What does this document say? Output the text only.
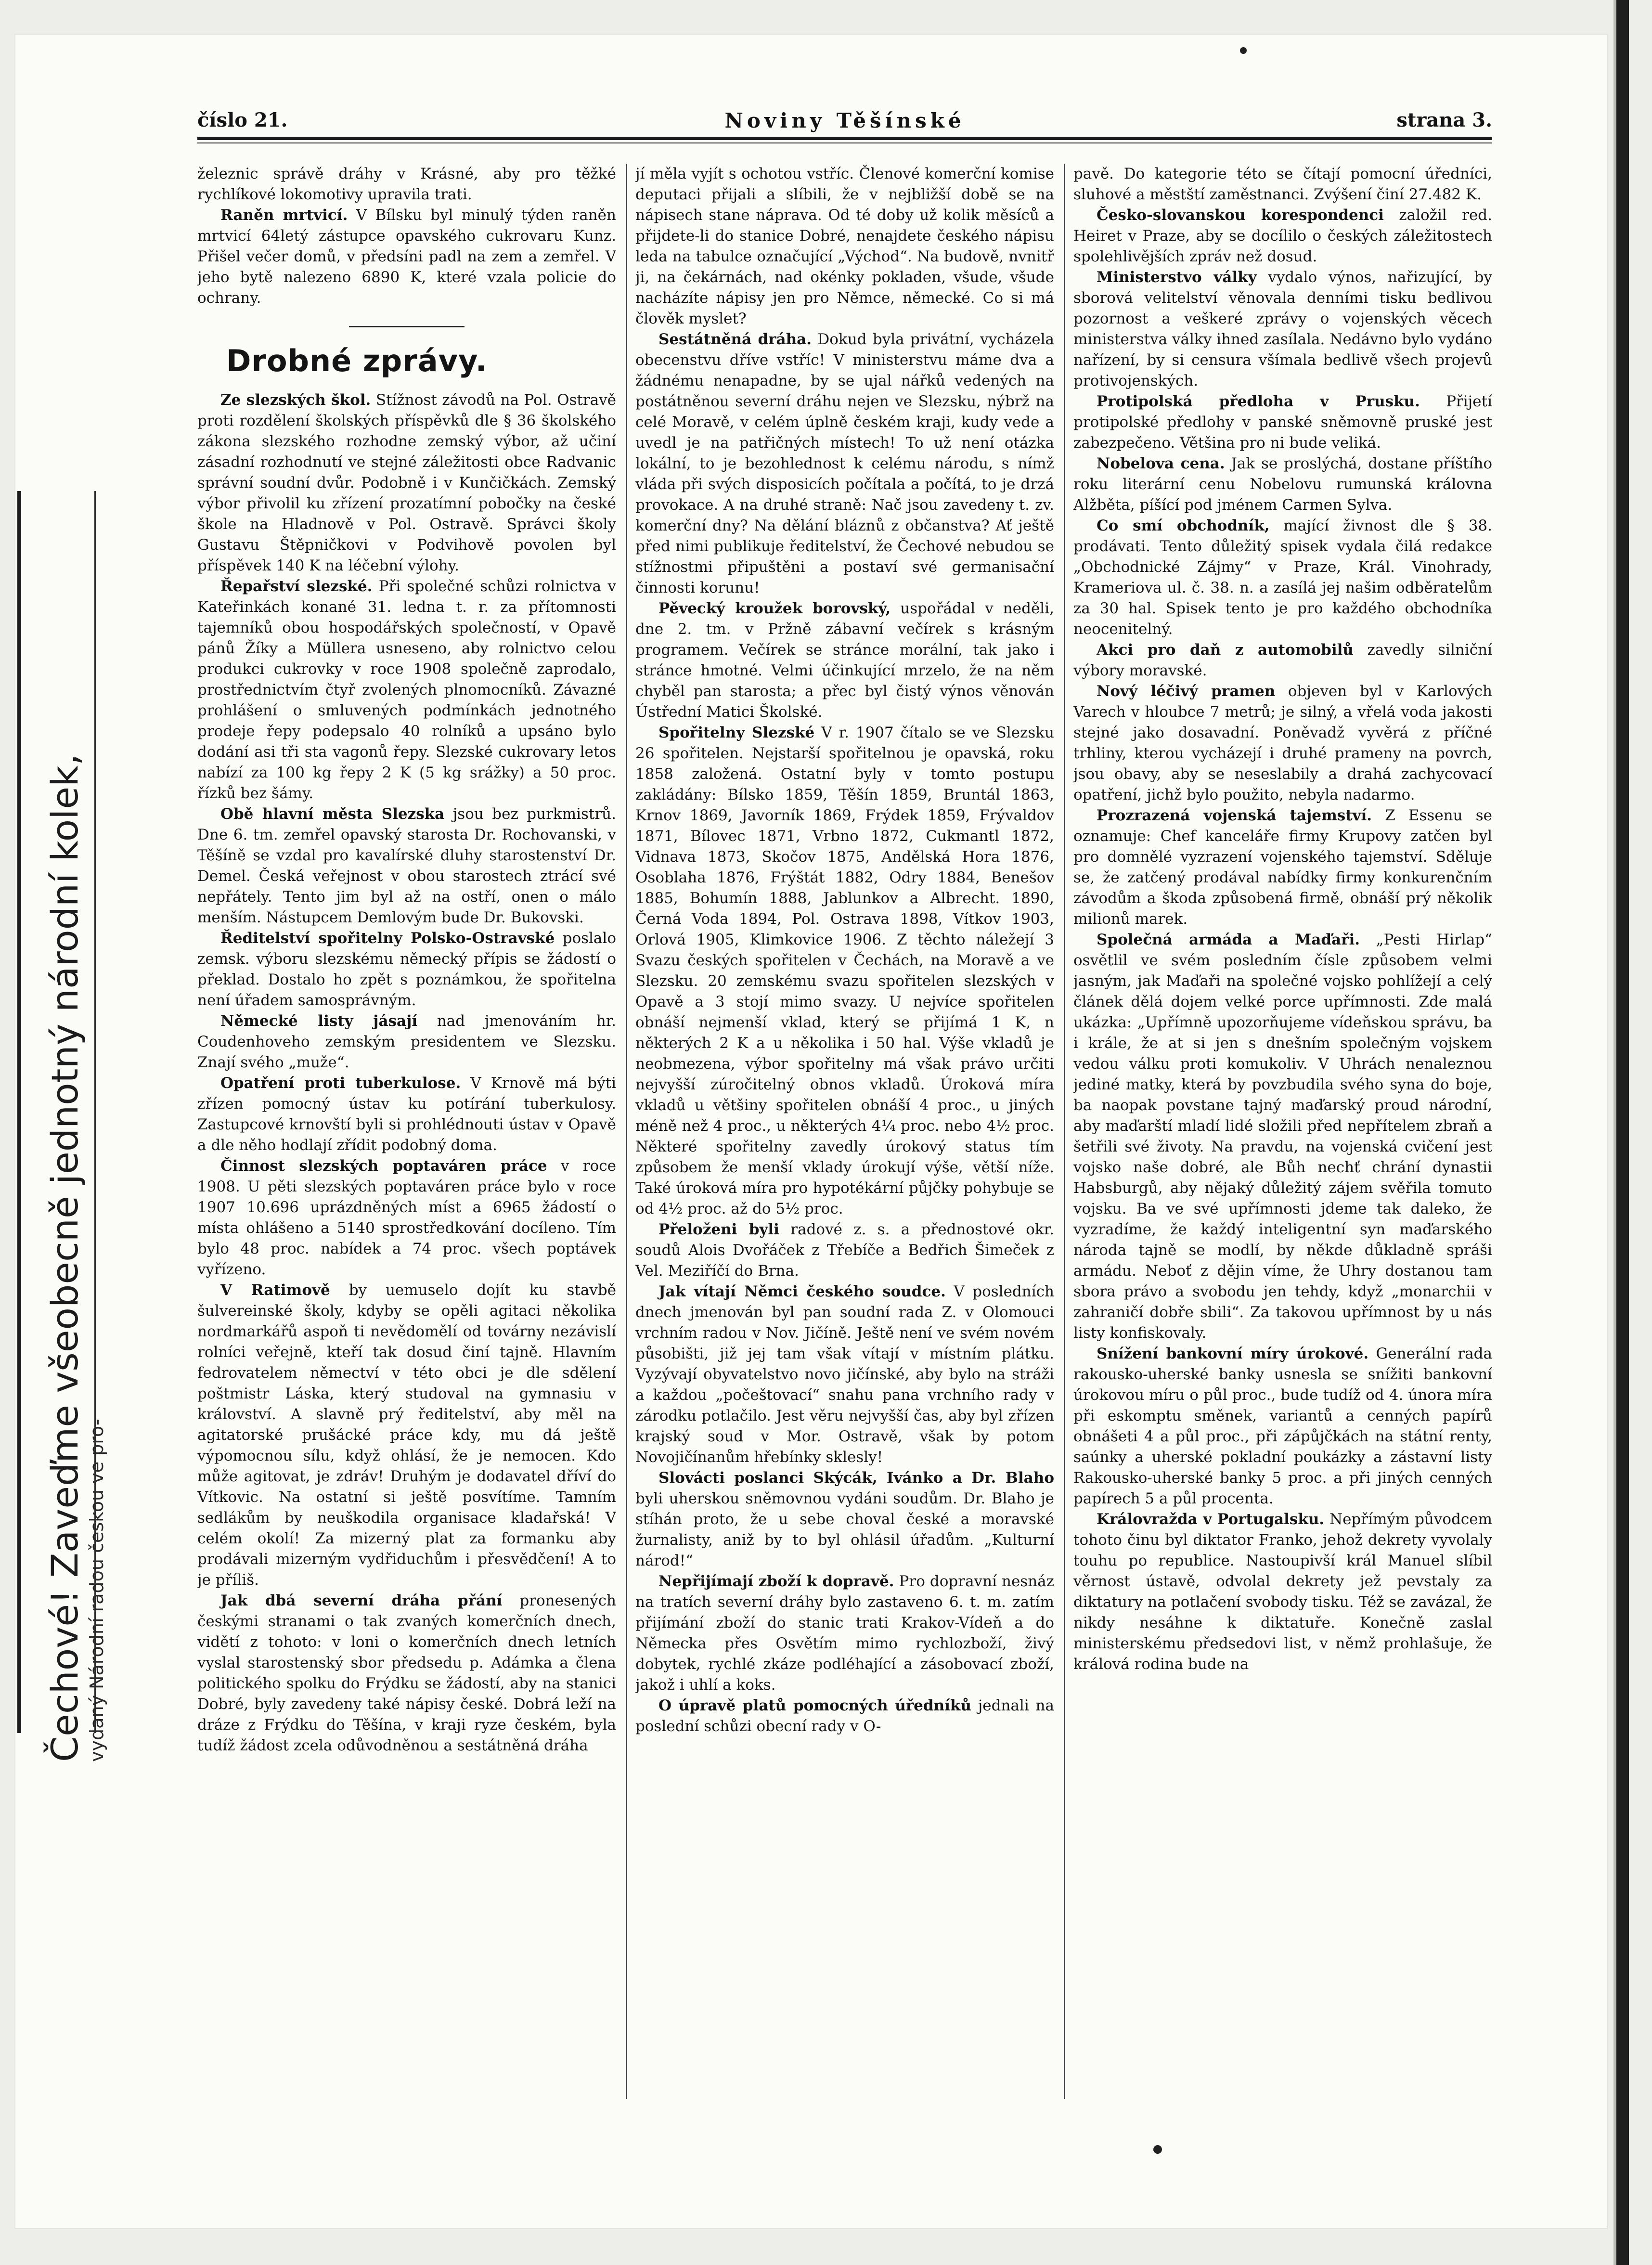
Čechové! Zaveďme všeobecně jednotný národní kolek, vydaný Národní radou českou ve pro-
číslo 21.	Noviny Těšínské	strana 3.

železnic správě dráhy v Krásné, aby pro těžké rychlíkové lokomotivy upravila trati.

Raněn mrtvicí. V Bílsku byl minulý týden raněn mrtvicí 64letý zástupce opavského cukrovaru Kunz. Přišel večer domů, v předsíni padl na zem a zemřel. V jeho bytě nalezeno 6890 K, které vzala policie do ochrany.

Drobné zprávy.

Ze slezských škol. Stížnost závodů na Pol. Ostravě proti rozdělení školských příspěvků dle § 36 školského zákona slezského rozhodne zemský výbor, až učiní zásadní rozhodnutí ve stejné záležitosti obce Radvanic správní soudní dvůr. Podobně i v Kunčičkách. Zemský výbor přivolil ku zřízení prozatímní pobočky na české škole na Hladnově v Pol. Ostravě. Správci školy Gustavu Štěpničkovi v Podvihově povolen byl příspěvek 140 K na léčební výlohy.

Řepařství slezské. Při společné schůzi rolnictva v Kateřinkách konané 31. ledna t. r. za přítomnosti tajemníků obou hospodářských společností, v Opavě pánů Žíky a Müllera usneseno, aby rolnictvo celou produkci cukrovky v roce 1908 společně zaprodalo, prostřednictvím čtyř zvolených plnomocníků. Závazné prohlášení o smluvených podmínkách jednotného prodeje řepy podepsalo 40 rolníků a upsáno bylo dodání asi tři sta vagonů řepy. Slezské cukrovary letos nabízí za 100 kg řepy 2 K (5 kg srážky) a 50 proc. řízků bez šámy.

Obě hlavní města Slezska jsou bez purkmistrů. Dne 6. tm. zemřel opavský starosta Dr. Rochovanski, v Těšíně se vzdal pro kavalírské dluhy starostenství Dr. Demel. Česká veřejnost v obou starostech ztrácí své nepřátely. Tento jim byl až na ostří, onen o málo menším. Nástupcem Demlovým bude Dr. Bukovski.

Ředitelství spořitelny Polsko-Ostravské poslalo zemsk. výboru slezskému německý přípis se žádostí o překlad. Dostalo ho zpět s poznámkou, že spořitelna není úřadem samosprávným.

Německé listy jásají nad jmenováním hr. Coudenhoveho zemským presidentem ve Slezsku. Znají svého „muže“.

Opatření proti tuberkulose. V Krnově má býti zřízen pomocný ústav ku potírání tuberkulosy. Zastupcové krnovští byli si prohlédnouti ústav v Opavě a dle něho hodlají zřídit podobný doma.

Činnost slezských poptaváren práce v roce 1908. U pěti slezských poptaváren práce bylo v roce 1907 10.696 uprázdněných míst a 6965 žádostí o místa ohlášeno a 5140 sprostředkování docíleno. Tím bylo 48 proc. nabídek a 74 proc. všech poptávek vyřízeno.

V Ratimově by uemuselo dojít ku stavbě šulvereinské školy, kdyby se opěli agitaci několika nordmarkářů aspoň ti nevědomělí od továrny nezávislí rolníci veřejně, kteří tak dosud činí tajně. Hlavním fedrovatelem němectví v této obci je dle sdělení poštmistr Láska, který studoval na gymnasiu v království. A slavně prý ředitelství, aby měl na agitatorské prušácké práce kdy, mu dá ještě výpomocnou sílu, když ohlásí, že je nemocen. Kdo může agitovat, je zdráv! Druhým je dodavatel dříví do Vítkovic. Na ostatní si ještě posvítíme. Tamním sedlákům by neuškodila organisace kladařská! V celém okolí! Za mizerný plat za formanku aby prodávali mizerným vydřiduchům i přesvědčení! A to je příliš.

Jak dbá severní dráha přání pronesených českými stranami o tak zvaných komerčních dnech, vidětí z tohoto: v loni o komerčních dnech letních vyslal starostenský sbor předsedu p. Adámka a člena politického spolku do Frýdku se žádostí, aby na stanici Dobré, byly zavedeny také nápisy české. Dobrá leží na dráze z Frýdku do Těšína, v kraji ryze českém, byla tudíž žádost zcela odůvodněnou a sestátněná dráha

jí měla vyjít s ochotou vstříc. Členové komerční komise deputaci přijali a slíbili, že v nejbližší době se na nápisech stane náprava. Od té doby už kolik měsíců a přijdete-li do stanice Dobré, nenajdete českého nápisu leda na tabulce označující „Východ“. Na budově, nvnitř ji, na čekárnách, nad okénky pokladen, všude, všude nacházíte nápisy jen pro Němce, německé. Co si má člověk myslet?

Sestátněná dráha. Dokud byla privátní, vycházela obecenstvu dříve vstříc! V ministerstvu máme dva a žádnému nenapadne, by se ujal nářků vedených na postátněnou severní dráhu nejen ve Slezsku, nýbrž na celé Moravě, v celém úplně českém kraji, kudy vede a uvedl je na patřičných místech! To už není otázka lokální, to je bezohlednost k celému národu, s nímž vláda při svých disposicích počítala a počítá, to je drzá provokace. A na druhé straně: Nač jsou zavedeny t. zv. komerční dny? Na dělání bláznů z občanstva? Ať ještě před nimi publikuje ředitelství, že Čechové nebudou se stížnostmi připuštěni a postaví své germanisační činnosti korunu!

Pěvecký kroužek borovský, uspořádal v neděli, dne 2. tm. v Pržně zábavní večírek s krásným programem. Večírek se stránce morální, tak jako i stránce hmotné. Velmi účinkující mrzelo, že na něm chyběl pan starosta; a přec byl čistý výnos věnován Ústřední Matici Školské.

Spořitelny Slezské V r. 1907 čítalo se ve Slezsku 26 spořitelen. Nejstarší spořitelnou je opavská, roku 1858 založená. Ostatní byly v tomto postupu zakládány: Bílsko 1859, Těšín 1859, Bruntál 1863, Krnov 1869, Javorník 1869, Frýdek 1859, Frývaldov 1871, Bílovec 1871, Vrbno 1872, Cukmantl 1872, Vidnava 1873, Skočov 1875, Andělská Hora 1876, Osoblaha 1876, Frýštát 1882, Odry 1884, Benešov 1885, Bohumín 1888, Jablunkov a Albrecht. 1890, Černá Voda 1894, Pol. Ostrava 1898, Vítkov 1903, Orlová 1905, Klimkovice 1906. Z těchto náležejí 3 Svazu českých spořitelen v Čechách, na Moravě a ve Slezsku. 20 zemskému svazu spořitelen slezských v Opavě a 3 stojí mimo svazy. U nejvíce spořitelen obnáší nejmenší vklad, který se přijímá 1 K, n některých 2 K a u několika i 50 hal. Výše vkladů je neobmezena, výbor spořitelny má však právo určiti nejvyšší zúročitelný obnos vkladů. Úroková míra vkladů u většiny spořitelen obnáší 4 proc., u jiných méně než 4 proc., u některých 4¼ proc. nebo 4½ proc. Některé spořitelny zavedly úrokový status tím způsobem že menší vklady úrokují výše, větší níže. Také úroková míra pro hypotékární půjčky pohybuje se od 4½ proc. až do 5½ proc.

Přeloženi byli radové z. s. a přednostové okr. soudů Alois Dvořáček z Třebíče a Bedřich Šimeček z Vel. Meziříčí do Brna.

Jak vítají Němci českého soudce. V posledních dnech jmenován byl pan soudní rada Z. v Olomouci vrchním radou v Nov. Jičíně. Ještě není ve svém novém působišti, již jej tam však vítají v místním plátku. Vyzývají obyvatelstvo novo jičínské, aby bylo na stráži a každou „počeštovací“ snahu pana vrchního rady v zárodku potlačilo. Jest věru nejvyšší čas, aby byl zřízen krajský soud v Mor. Ostravě, však by potom Novojičínanům hřebínky sklesly!

Slovácti poslanci Skýcák, Ivánko a Dr. Blaho byli uherskou sněmovnou vydáni soudům. Dr. Blaho je stíhán proto, že u sebe choval české a moravské žurnalisty, aniž by to byl ohlásil úřadům. „Kulturní národ!“

Nepřijímají zboží k dopravě. Pro dopravní nesnáz na tratích severní dráhy bylo zastaveno 6. t. m. zatím přijímání zboží do stanic trati Krakov-Vídeň a do Německa přes Osvětím mimo rychlozboží, živý dobytek, rychlé zkáze podléhající a zásobovací zboží, jakož i uhlí a koks.

O úpravě platů pomocných úředníků jednali na poslední schůzi obecní rady v O-

pavě. Do kategorie této se čítají pomocní úředníci, sluhové a městští zaměstnanci. Zvýšení činí 27.482 K.

Česko-slovanskou korespondenci založil red. Heiret v Praze, aby se docílilo o českých záležitostech spolehlivějších zpráv než dosud.

Ministerstvo války vydalo výnos, nařizující, by sborová velitelství věnovala denními tisku bedlivou pozornost a veškeré zprávy o vojenských věcech ministerstva války ihned zasílala. Nedávno bylo vydáno nařízení, by si censura všímala bedlivě všech projevů protivojenských.

Protipolská předloha v Prusku. Přijetí protipolské předlohy v panské sněmovně pruské jest zabezpečeno. Většina pro ni bude veliká.

Nobelova cena. Jak se proslýchá, dostane příštího roku literární cenu Nobelovu rumunská královna Alžběta, píšící pod jménem Carmen Sylva.

Co smí obchodník, mající živnost dle § 38. prodávati. Tento důležitý spisek vydala čilá redakce „Obchodnické Zájmy“ v Praze, Král. Vinohrady, Krameriova ul. č. 38. n. a zasílá jej našim odběratelům za 30 hal. Spisek tento je pro každého obchodníka neocenitelný.

Akci pro daň z automobilů zavedly silniční výbory moravské.

Nový léčivý pramen objeven byl v Karlových Varech v hloubce 7 metrů; je silný, a vřelá voda jakosti stejné jako dosavadní. Poněvadž vyvěrá z příčné trhliny, kterou vycházejí i druhé prameny na povrch, jsou obavy, aby se neseslabily a drahá zachycovací opatření, jichž bylo použito, nebyla nadarmo.

Prozrazená vojenská tajemství. Z Essenu se oznamuje: Chef kanceláře firmy Krupovy zatčen byl pro domnělé vyzrazení vojenského tajemství. Sděluje se, že zatčený prodával nabídky firmy konkurenčním závodům a škoda způsobená firmě, obnáší prý několik milionů marek.

Společná armáda a Maďaři. „Pesti Hirlap“ osvětlil ve svém posledním čísle způsobem velmi jasným, jak Maďaři na společné vojsko pohlížejí a celý článek dělá dojem velké porce upřímnosti. Zde malá ukázka: „Upřímně upozorňujeme vídeňskou správu, ba i krále, že at si jen s dnešním společným vojskem vedou válku proti komukoliv. V Uhrách nenaleznou jediné matky, která by povzbudila svého syna do boje, ba naopak povstane tajný maďarský proud národní, aby maďarští mladí lidé složili před nepřítelem zbraň a šetřili své životy. Na pravdu, na vojenská cvičení jest vojsko naše dobré, ale Bůh nechť chrání dynastii Habsburgů, aby nějaký důležitý zájem svěřila tomuto vojsku. Ba ve své upřímnosti jdeme tak daleko, že vyzradíme, že každý inteligentní syn maďarského národa tajně se modlí, by někde důkladně spráši armádu. Neboť z dějin víme, že Uhry dostanou tam sbora právo a svobodu jen tehdy, když „monarchii v zahraničí dobře sbili“. Za takovou upřímnost by u nás listy konfiskovaly.

Snížení bankovní míry úrokové. Generální rada rakousko-uherské banky usnesla se snížiti bankovní úrokovou míru o půl proc., bude tudíž od 4. února míra při eskomptu směnek, variantů a cenných papírů obnášeti 4 a půl proc., při zápůjčkách na státní renty, saúnky a uherské pokladní poukázky a zástavní listy Rakousko-uherské banky 5 proc. a při jiných cenných papírech 5 a půl procenta.

Královražda v Portugalsku. Nepřímým původcem tohoto činu byl diktator Franko, jehož dekrety vyvolaly touhu po republice. Nastoupivší král Manuel slíbil věrnost ústavě, odvolal dekrety jež pevstaly za diktatury na potlačení svobody tisku. Též se zavázal, že nikdy nesáhne k diktatuře. Konečně zaslal ministerskému předsedovi list, v němž prohlašuje, že králová rodina bude na
